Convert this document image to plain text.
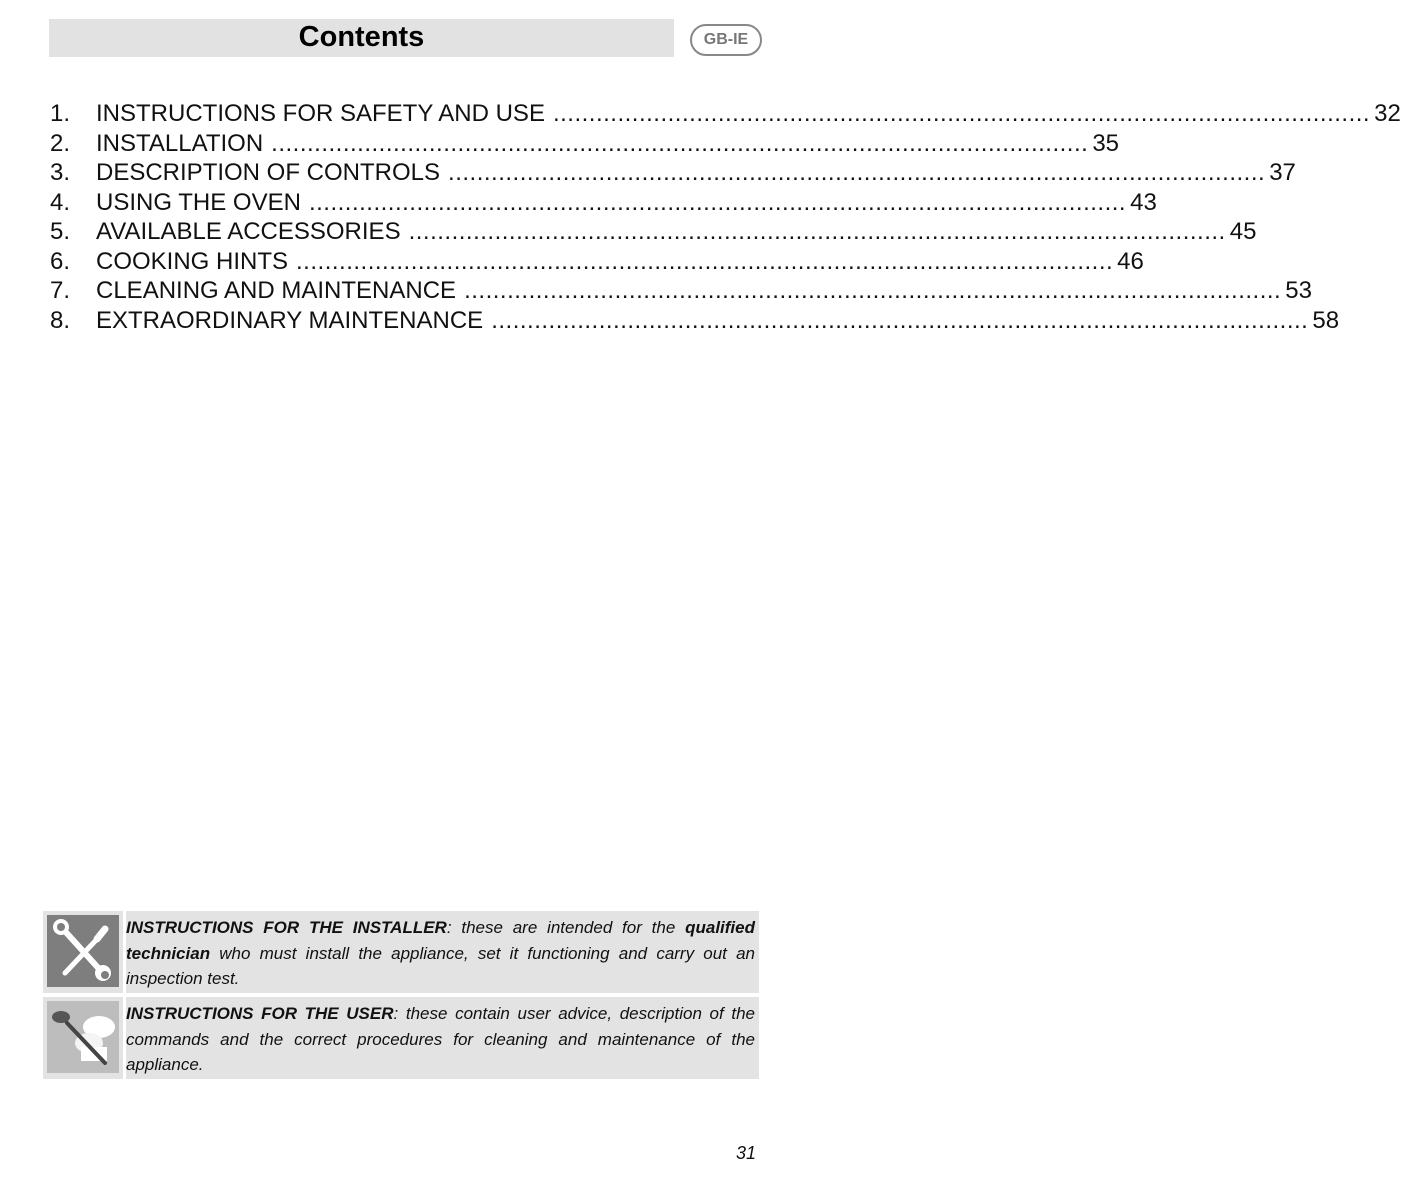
Contents	GB-IE
1.	INSTRUCTIONS FOR SAFETY AND USE .................................................................................................................. 32
2.	INSTALLATION .................................................................................................................. 35
3.	DESCRIPTION OF CONTROLS .................................................................................................................. 37
4.	USING THE OVEN .................................................................................................................. 43
5.	AVAILABLE ACCESSORIES .................................................................................................................. 45
6.	COOKING HINTS .................................................................................................................. 46
7.	CLEANING AND MAINTENANCE .................................................................................................................. 53
8.	EXTRAORDINARY MAINTENANCE .................................................................................................................. 58
INSTRUCTIONS FOR THE INSTALLER: these are intended for the qualified technician who must install the appliance, set it functioning and carry out an inspection test.
INSTRUCTIONS FOR THE USER: these contain user advice, description of the commands and the correct procedures for cleaning and maintenance of the appliance.
31
